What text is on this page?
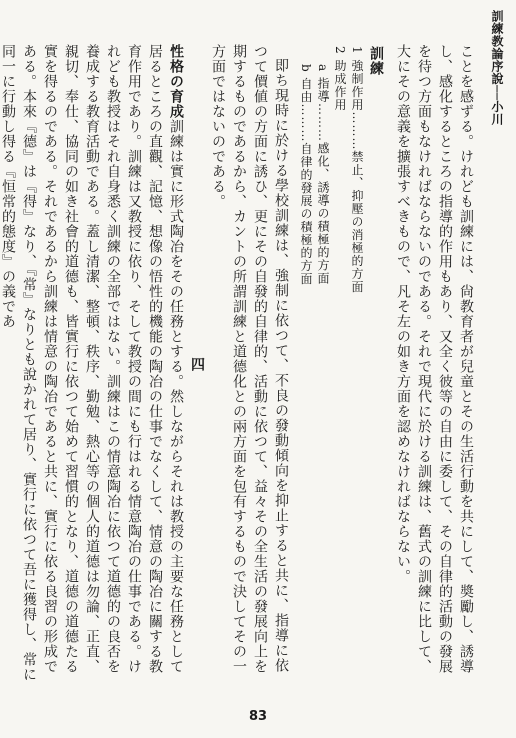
訓練教論序說──小川

ことを感ずる。けれども訓練には、尙教育者が兒童とその生活行動を共にして、奬勵し、誘導し、感化するところの指導的作用もあり、又全く彼等の自由に委して、その自律的活動の發展を待つ方面もなければならないのである。それで現代に於ける訓練は、舊式の訓練に比して、大にその意義を擴張すべきもので、凡そ左の如き方面を認めなければならない。

訓練

1 強制作用………禁止、抑壓の消極的方面

2 助成作用

a 指導………感化、誘導の積極的方面

b 自由………自律的發展の積極的方面

即ち現時に於ける學校訓練は、強制に依つて、不良の發動傾向を抑止すると共に、指導に依つて價値の方面に誘ひ、更にその自發的自律的、活動に依つて、益々その全生活の發展向上を期するものであるから、カントの所謂訓練と道德化との兩方面を包有するもので決してその一方面ではないのである。

四

性格の育成訓練は實に形式陶冶をその任務とする。然しながらそれは教授の主要な任務として居るところの直觀、記憶、想像の悟性的機能の陶冶の仕事でなくして、情意の陶冶に關する教育作用であり。訓練は又教授に依り、そして教授の間にも行はれる情意陶冶の仕事である。けれども教授はそれ自身悉く訓練の全部ではない。訓練はこの情意陶冶に依つて道德的の良否を養成する教育活動である。蓋し清潔、整頓、秩序、勤勉、熱心等の個人的道德は勿論、正直、親切、奉仕、協同の如き社會的道德も、皆實行に依つて始めて習慣的となり、道德の道德たる實を得るのである。それであるから訓練は情意の陶冶であると共に、實行に依る良習の形成である。本來『德』は『得』なり、『常』なりとも說かれて居り、實行に依つて吾に獲得し、常に同一に行動し得る『恒常的態度』の義であ

83
